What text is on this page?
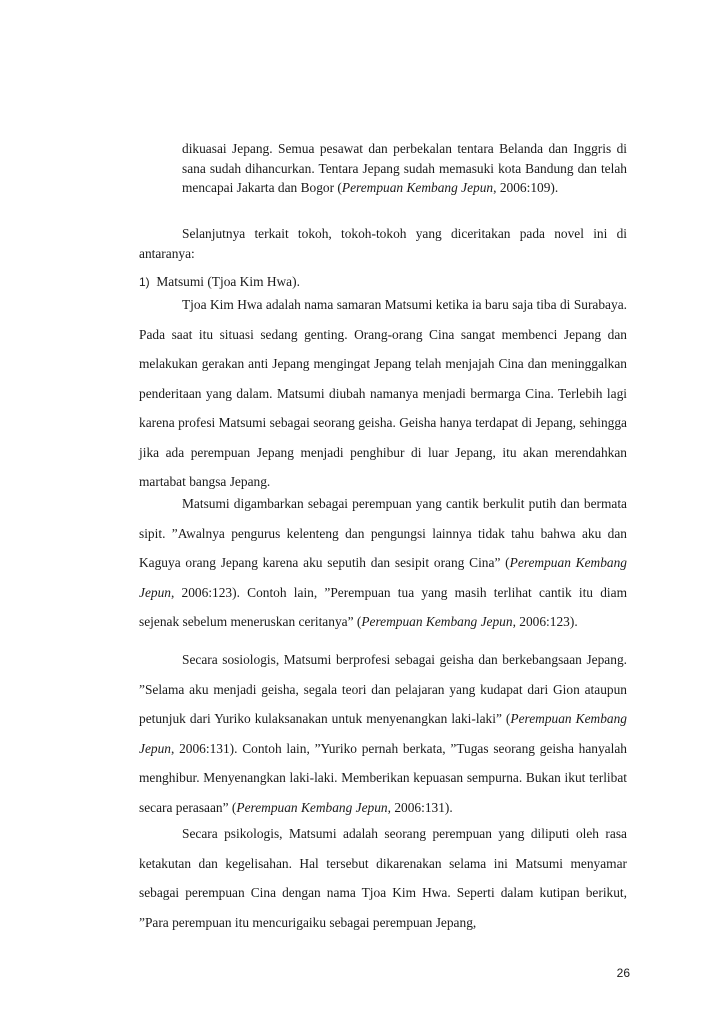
dikuasai Jepang. Semua pesawat dan perbekalan tentara Belanda dan Inggris di sana sudah dihancurkan. Tentara Jepang sudah memasuki kota Bandung dan telah mencapai Jakarta dan Bogor (Perempuan Kembang Jepun, 2006:109).
Selanjutnya terkait tokoh, tokoh-tokoh yang diceritakan pada novel ini di antaranya:
1) Matsumi (Tjoa Kim Hwa).
Tjoa Kim Hwa adalah nama samaran Matsumi ketika ia baru saja tiba di Surabaya. Pada saat itu situasi sedang genting. Orang-orang Cina sangat membenci Jepang dan melakukan gerakan anti Jepang mengingat Jepang telah menjajah Cina dan meninggalkan penderitaan yang dalam. Matsumi diubah namanya menjadi bermarga Cina. Terlebih lagi karena profesi Matsumi sebagai seorang geisha. Geisha hanya terdapat di Jepang, sehingga jika ada perempuan Jepang menjadi penghibur di luar Jepang, itu akan merendahkan martabat bangsa Jepang.
Matsumi digambarkan sebagai perempuan yang cantik berkulit putih dan bermata sipit. ”Awalnya pengurus kelenteng dan pengungsi lainnya tidak tahu bahwa aku dan Kaguya orang Jepang karena aku seputih dan sesipit orang Cina” (Perempuan Kembang Jepun, 2006:123). Contoh lain, ”Perempuan tua yang masih terlihat cantik itu diam sejenak sebelum meneruskan ceritanya” (Perempuan Kembang Jepun, 2006:123).
Secara sosiologis, Matsumi berprofesi sebagai geisha dan berkebangsaan Jepang. ”Selama aku menjadi geisha, segala teori dan pelajaran yang kudapat dari Gion ataupun petunjuk dari Yuriko kulaksanakan untuk menyenangkan laki-laki” (Perempuan Kembang Jepun, 2006:131). Contoh lain, ”Yuriko pernah berkata, ”Tugas seorang geisha hanyalah menghibur. Menyenangkan laki-laki. Memberikan kepuasan sempurna. Bukan ikut terlibat secara perasaan” (Perempuan Kembang Jepun, 2006:131).
Secara psikologis, Matsumi adalah seorang perempuan yang diliputi oleh rasa ketakutan dan kegelisahan. Hal tersebut dikarenakan selama ini Matsumi menyamar sebagai perempuan Cina dengan nama Tjoa Kim Hwa. Seperti dalam kutipan berikut, ”Para perempuan itu mencurigaiku sebagai perempuan Jepang,
26
